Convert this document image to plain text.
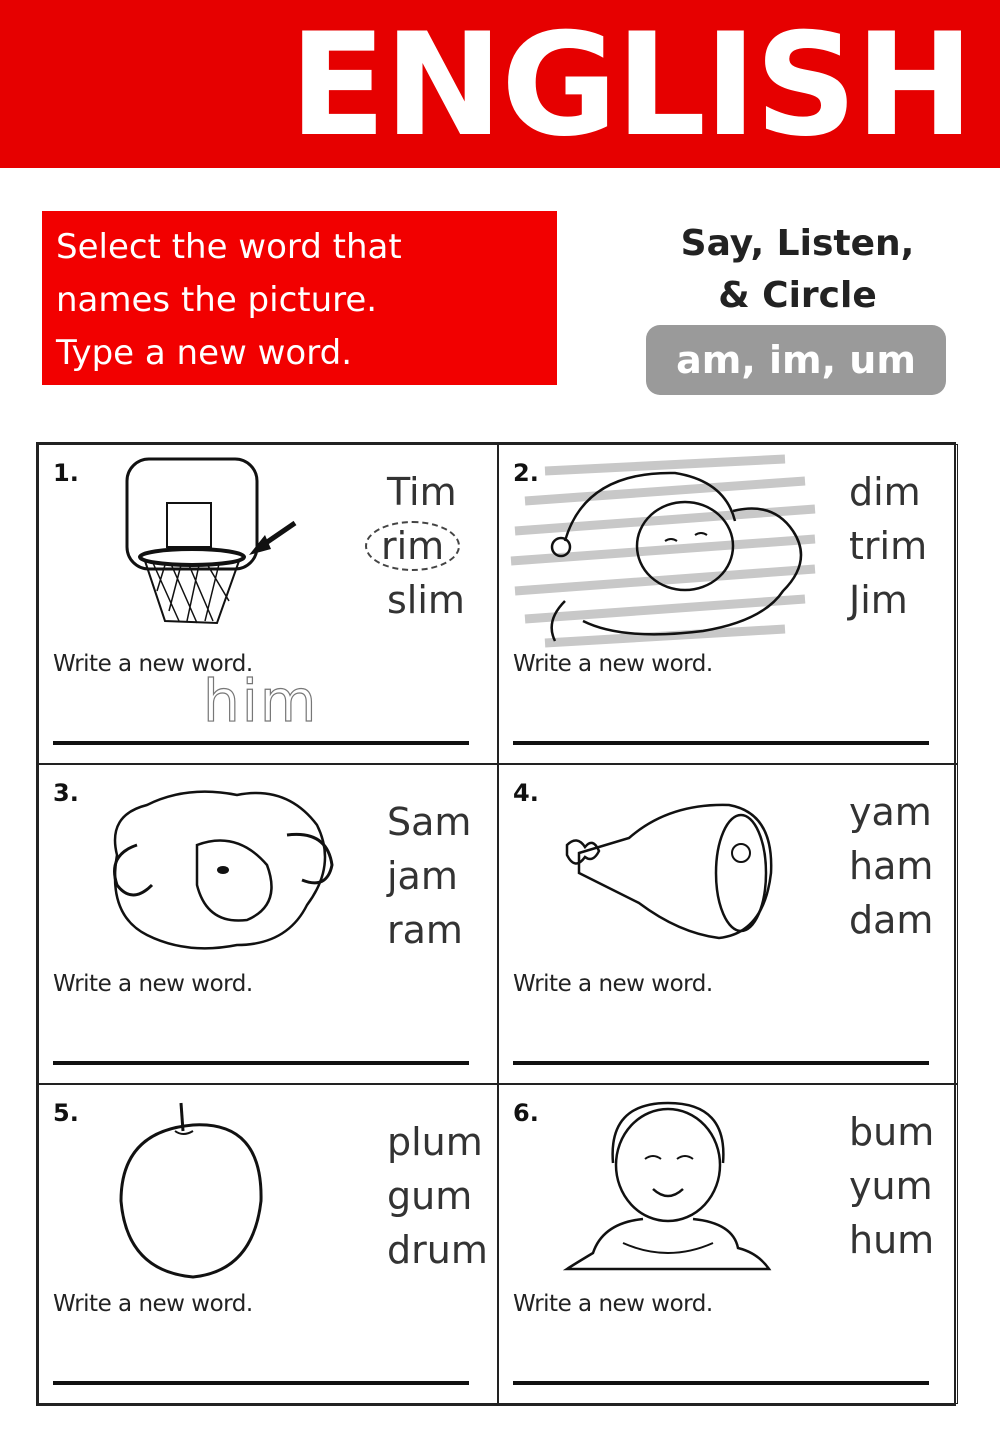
ENGLISH
Select the word that
names the picture.
Type a new word.
Say, Listen,
& Circle
am, im, um
1.	Tim
rim
slim
Write a new word.
him
2.	dim
trim
Jim
Write a new word.
3.
Sam
jam
ram
Write a new word.
4.	yam
ham
dam
Write a new word.
5.
plum
gum
drum
Write a new word.
6.	bum
yum
hum
Write a new word.
